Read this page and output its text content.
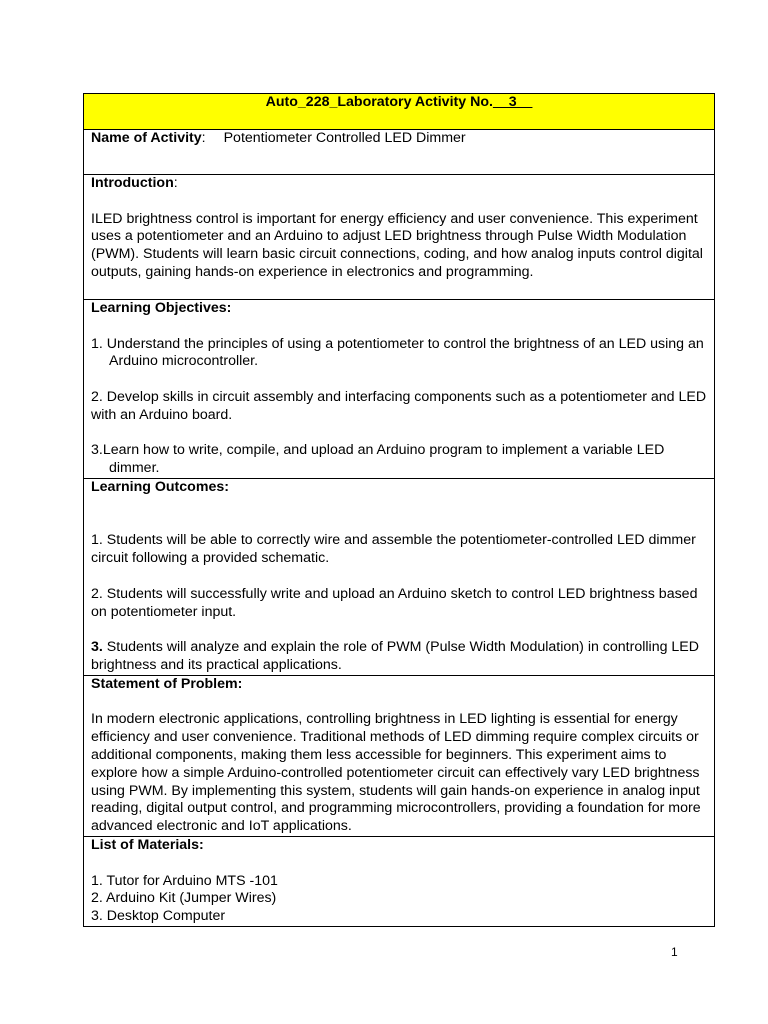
Auto_228_Laboratory Activity No.__3__
Name of Activity: Potentiometer Controlled LED Dimmer

Introduction:
ILED brightness control is important for energy efficiency and user convenience. This experiment uses a potentiometer and an Arduino to adjust LED brightness through Pulse Width Modulation (PWM). Students will learn basic circuit connections, coding, and how analog inputs control digital outputs, gaining hands-on experience in electronics and programming.

Learning Objectives:
1. Understand the principles of using a potentiometer to control the brightness of an LED using an Arduino microcontroller.
2. Develop skills in circuit assembly and interfacing components such as a potentiometer and LED with an Arduino board.
3.Learn how to write, compile, and upload an Arduino program to implement a variable LED dimmer.

Learning Outcomes:
1. Students will be able to correctly wire and assemble the potentiometer-controlled LED dimmer circuit following a provided schematic.
2. Students will successfully write and upload an Arduino sketch to control LED brightness based on potentiometer input.
3. Students will analyze and explain the role of PWM (Pulse Width Modulation) in controlling LED brightness and its practical applications.

Statement of Problem:
In modern electronic applications, controlling brightness in LED lighting is essential for energy efficiency and user convenience. Traditional methods of LED dimming require complex circuits or additional components, making them less accessible for beginners. This experiment aims to explore how a simple Arduino-controlled potentiometer circuit can effectively vary LED brightness using PWM. By implementing this system, students will gain hands-on experience in analog input reading, digital output control, and programming microcontrollers, providing a foundation for more advanced electronic and IoT applications.

List of Materials:
1. Tutor for Arduino MTS -101
2. Arduino Kit (Jumper Wires)
3. Desktop Computer
1
